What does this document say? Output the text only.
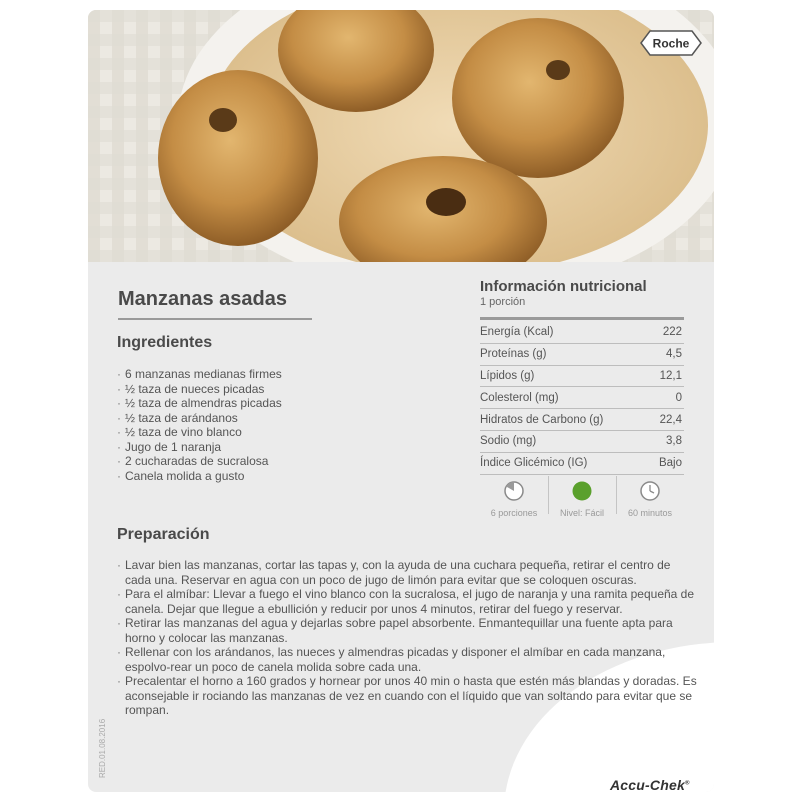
Roche
Manzanas asadas
Ingredientes
· 6 manzanas medianas firmes
· ½ taza de nueces picadas
· ½ taza de almendras picadas
· ½ taza de arándanos
· ½ taza de vino blanco
· Jugo de 1 naranja
· 2 cucharadas de sucralosa
· Canela molida a gusto
Información nutricional
1 porción
Energía (Kcal)	222
Proteínas (g)	4,5
Lípidos (g)	12,1
Colesterol (mg)	0
Hidratos de Carbono (g)	22,4
Sodio (mg)	3,8
Índice Glicémico (IG)	Bajo
6 porciones	Nivel: Fácil	60 minutos
Preparación
· Lavar bien las manzanas, cortar las tapas y, con la ayuda de una cuchara pequeña, retirar el centro de cada una. Reservar en agua con un poco de jugo de limón para evitar que se coloquen oscuras.
· Para el almíbar: Llevar a fuego el vino blanco con la sucralosa, el jugo de naranja y una ramita pequeña de canela. Dejar que llegue a ebullición y reducir por unos 4 minutos, retirar del fuego y reservar.
· Retirar las manzanas del agua y dejarlas sobre papel absorbente. Enmantequillar una fuente apta para horno y colocar las manzanas.
· Rellenar con los arándanos, las nueces y almendras picadas y disponer el almíbar en cada manzana, espolvo-rear un poco de canela molida sobre cada una.
· Precalentar el horno a 160 grados y hornear por unos 40 min o hasta que estén más blandas y doradas. Es aconsejable ir rociando las manzanas de vez en cuando con el líquido que van soltando para evitar que se rompan.
RED.01.08.2016
Accu-Chek®
